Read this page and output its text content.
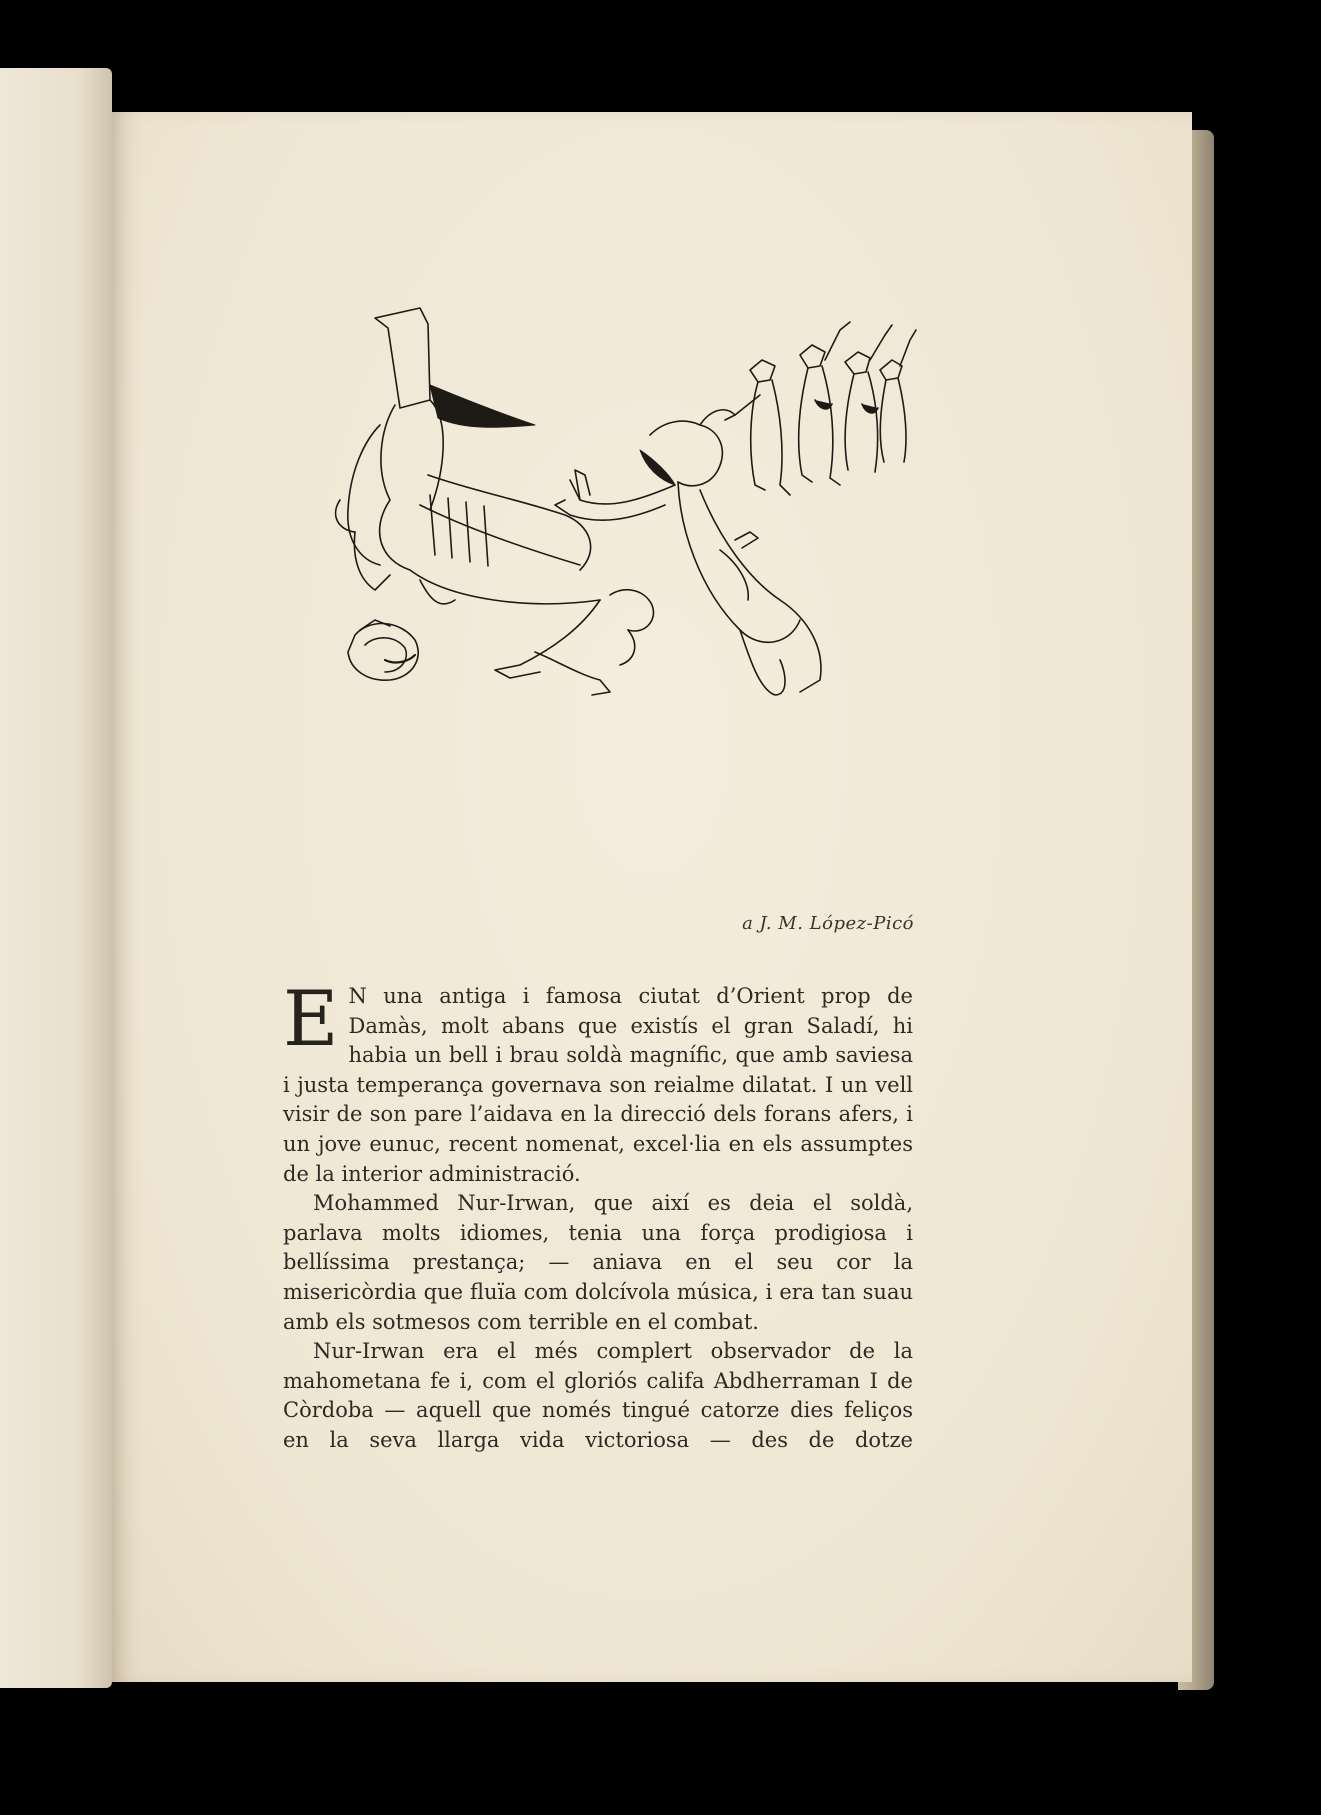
a J. M. López-Picó

E N una antiga i famosa ciutat d’Orient prop de Damàs, molt abans que existís el gran Saladí, hi habia un bell i brau soldà magnífic, que amb saviesa i justa temperança governava son reialme dilatat. I un vell visir de son pare l’aidava en la direcció dels forans afers, i un jove eunuc, recent nomenat, excel·lia en els assumptes de la interior administració.

Mohammed Nur-Irwan, que així es deia el soldà, parlava molts idiomes, tenia una força prodigiosa i bellíssima prestança; — aniava en el seu cor la misericòrdia que fluïa com dolcívola música, i era tan suau amb els sotmesos com terrible en el combat.

Nur-Irwan era el més complert observador de la mahometana fe i, com el gloriós califa Abdherraman I de Còrdoba — aquell que només tingué catorze dies feliços en la seva llarga vida victoriosa — des de dotze
